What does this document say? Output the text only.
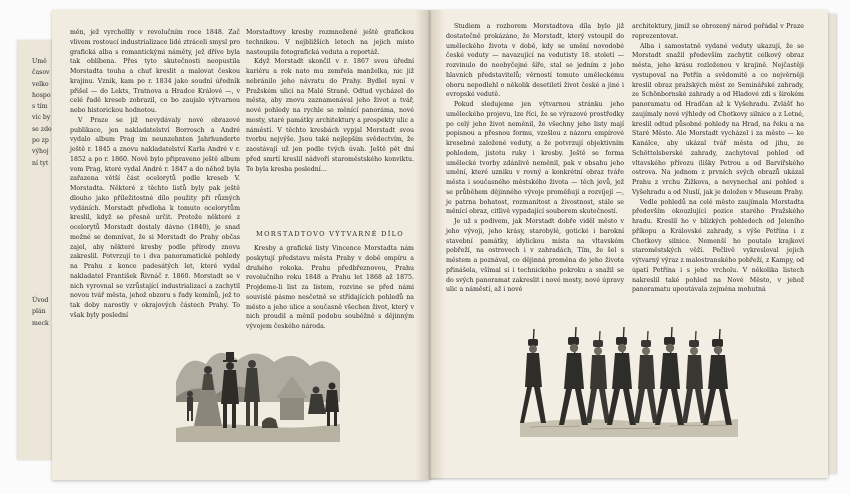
Umě
časov
velko
hospo
s tím
víc by
se zde
po zp
výhoj
ní tyt
Úvod
plán
meck

měn, jež vyrchollly v revolučním roce 1848. Zač vlivem rostoucí industrializace lidé ztráceli smysl pro grafická alba s romantickými náměty, jež dříve byla tak oblíbena. Přes tyto skutečnosti neopustila Morstadta touha a chuť kreslit a malovat českou krajinu. Vznik, kam po r. 1834 jako soudní úředník přišel — do Lekts, Tratnova a Hradce Králové —, v celé řadě kreseb zobrazil, co bo zaujalo výtvarnou nebo historickou hodnotou.

V Praze se již nevydávaly nové obrazové publikace, jen nakladatelství Borrosch a André vydalo album Prag im neunzehnten Jahrhunderte ještě r. 1845 a znovu nakladatelství Karla André v r. 1852 a po r. 1860. Nově bylo připraveno ještě album vom Prag, které vydal André r. 1847 a do něhož byla zařazena větší část ocelorytů podle kreseb V. Morstadta. Některé z těchto listů byly pak ještě dlouho jako příležitostné dílo použity při různých vydáních. Morstadt předloha k tomuto ocelorytům kreslil, když se přesně určit. Protože některé z ocelorytů Morstadt dostaly dávno (1840), je snad možné se domnívat, že si Morstadt do Prahy občas zajel, aby některé kresby podle přírody znovu zakreslil. Potvrzují to i dva panoramatické pohledy na Prahu z konce padesátých let, které vydal nakladatel František Řivnáč r. 1860. Morstadt se v nich vyrovnal se vzrůstající industrializací a zachytil novou tvář města, jehož obzoru s řady komínů, jež to tak doby narostly v okrajových částech Prahy. To však byly poslední

Morstadtovy kresby rozmnožené ještě grafickou technikou. V nejbližších letech na jejich místo nastoupila fotografická veduta a reportáž.

Když Morstadt skončil v r. 1867 svou úřední kariéru a rok nato mu zemřela manželka, nic již nebránilo jeho návratu do Prahy. Bydlel nyní v Pražském ulici na Malé Straně. Odtud vycházel do města, aby znovu zaznamenával jeho život a tvář, nové pohledy na rychle se měnící panoráma, nové mosty, staré památky architektury a prospekty ulic a náměstí. V těchto kresbách vypjal Morstadt svou tvorbu nejvýše. Jsou také nejlepším svědectvím, že zaostávají už jen podle tvých úvah. Ještě pět dní před smrtí kreslil nádvoří staroměstského konviktu. To byla kresba poslední…

MORSTADTOVO VÝTVARNÉ DÍLO

Kresby a grafické listy Vincence Morstadta nám poskytují představu města Prahy v době empíru a druhého rokoka. Prahu předbřeznovou, Prahu revolučního roku 1848 a Prahu let 1868 až 1875. Projdeme-li list za listem, rozvine se před námi souvislé pásmo nesčetně se střídajících pohledů na město a jeho ulice a současně všechen život, který v nich proudil a měnil podobu souběžně s dějinným vývojem českého národa.

Studiem a rozborem Morstadtova díla bylo již dostatečně prokázáno, že Morstadt, který vstoupil do uměleckého života v době, kdy se umění novodobé české veduty — navazující na vedutisty 18. století — rozvinulo do neobyčejné šíře, stal se jedním z jeho hlavních představitelů; věrností tomuto uměleckému oboru nepodlehl o několik desetiletí život české a jiné i evropské vedutě.

Pokud sledujeme jen výtvarnou stránku jeho uměleckého projevu, lze říci, že se výrazové prostředky po celý jeho život neměnil, že všechny jeho listy mají popisnou a přesnou formu, vzešlou z názoru empírové kresebné založené veduty, a že potvrzují objektivním pohledem, jistotu ruky i kresby. Ještě se forma umělecké tvorby zdánlivě neměnil, pak v obsahu jeho umění, které uzniku v rovný a konkrétní obraz tváře města i současného městského života — těch jevů, jež se průběhem dějinného vývoje proměňují a rozvíjejí —, je patrna bohatost, rozmanitost a živostnost, stále se měnící obraz, citlivě vypadající souborem skutečností.

Je už s podivem, jak Morstadt dobře viděl město v jeho vývoji, jeho krásy, starobylé, gotické i barokní stavební památky, idylickou místa na vltavském pobřeží, na ostrovech i v zahradách, Tím, že šel s městem a poznával, co dějinná proměna do jeho života přinášela, všímal si i technického pokroku a snažil se do svých panoramat zakreslit i nové mosty, nové úpravy ulic a náměstí, až i nové

architektury, jimiž se obrozený národ pořádal v Praze reprezentovat.

Alba i samostatně vydané veduty ukazují, že se Morstadt snažil především zachytit celkový obraz města, jeho krásu rozloženou v krajině. Nejčastěji vystupoval na Petřín a svědomitě a co nejvěrněji kreslil obraz pražských měst ze Seminářské zahrady, ze Schönbornské zahrady a od Hladové zdi s širokém panoramatu od Hradčan až k Vyšehradu. Zvlášť ho zaujímaly nové výhledy od Chotkovy silnice a z Letné, kreslil odtud působné pohledy na Hrad, na řeku a na Staré Město. Ale Morstadt vycházel i za město — ke Kanálce, aby ukázal tvář města od jihu, ze Schöttelsberské zahrady, zachytoval pohled od vltavského přívozu (lišky Petrou a od Barvířského ostrova. Na jednom z prvních svých obrazů ukázal Prahu z vrchu Žižkova, a nevynechal ani pohled s Vyšehradu a od Nuslí, jak je doložen v Museum Prahy.

Vedle pohledů na celé město zaujímala Morstadta především okouzlující pozice starého Pražského hradu. Kreslil ho v blízkých pohledech od Jeleního příkopu a Královské zahrady, s výše Petřína i z Chotkovy silnice. Nemenší ho poutalo krajkoví staroměstských věží. Pečlivě vykresloval jejich výtvarný výraz z malostranského pobřeží, z Kampy, od úpatí Petřína i s jeho vrcholu. V několika listech nakreslil také pohled na Nové Město, v jehož panoramatu upoutávala zejména mohutná
